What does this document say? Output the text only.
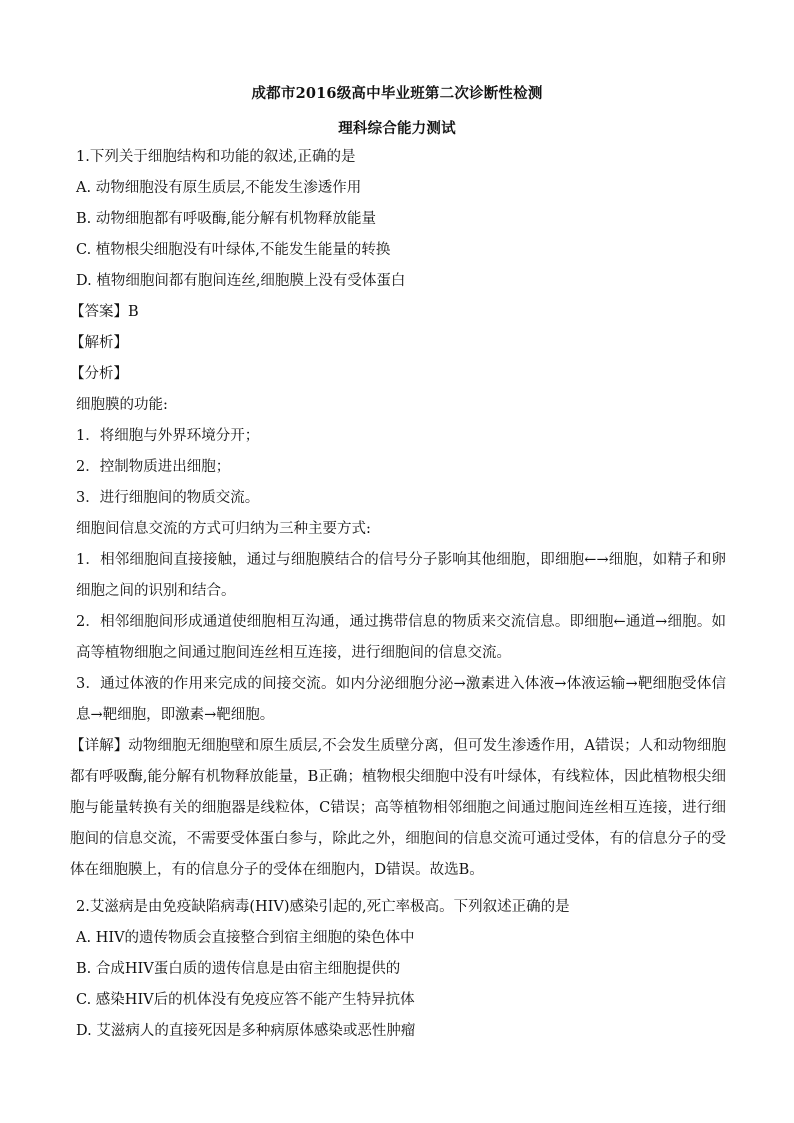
成都市2016级高中毕业班第二次诊断性检测
理科综合能力测试
1.下列关于细胞结构和功能的叙述,正确的是
A. 动物细胞没有原生质层,不能发生渗透作用
B. 动物细胞都有呼吸酶,能分解有机物释放能量
C. 植物根尖细胞没有叶绿体,不能发生能量的转换
D. 植物细胞间都有胞间连丝,细胞膜上没有受体蛋白
【答案】B
【解析】
【分析】
细胞膜的功能:
1．将细胞与外界环境分开；
2．控制物质进出细胞；
3．进行细胞间的物质交流。
细胞间信息交流的方式可归纳为三种主要方式:
1．相邻细胞间直接接触，通过与细胞膜结合的信号分子影响其他细胞，即细胞←→细胞，如精子和卵细胞之间的识别和结合。
2．相邻细胞间形成通道使细胞相互沟通，通过携带信息的物质来交流信息。即细胞←通道→细胞。如高等植物细胞之间通过胞间连丝相互连接，进行细胞间的信息交流。
3．通过体液的作用来完成的间接交流。如内分泌细胞分泌→激素进入体液→体液运输→靶细胞受体信息→靶细胞，即激素→靶细胞。
【详解】动物细胞无细胞壁和原生质层,不会发生质壁分离，但可发生渗透作用，A错误；人和动物细胞都有呼吸酶,能分解有机物释放能量，B正确；植物根尖细胞中没有叶绿体，有线粒体，因此植物根尖细胞与能量转换有关的细胞器是线粒体，C错误；高等植物相邻细胞之间通过胞间连丝相互连接，进行细胞间的信息交流，不需要受体蛋白参与，除此之外，细胞间的信息交流可通过受体，有的信息分子的受体在细胞膜上，有的信息分子的受体在细胞内，D错误。故选B。
2.艾滋病是由免疫缺陷病毒(HIV)感染引起的,死亡率极高。下列叙述正确的是
A. HIV的遗传物质会直接整合到宿主细胞的染色体中
B. 合成HIV蛋白质的遗传信息是由宿主细胞提供的
C. 感染HIV后的机体没有免疫应答不能产生特异抗体
D. 艾滋病人的直接死因是多种病原体感染或恶性肿瘤
